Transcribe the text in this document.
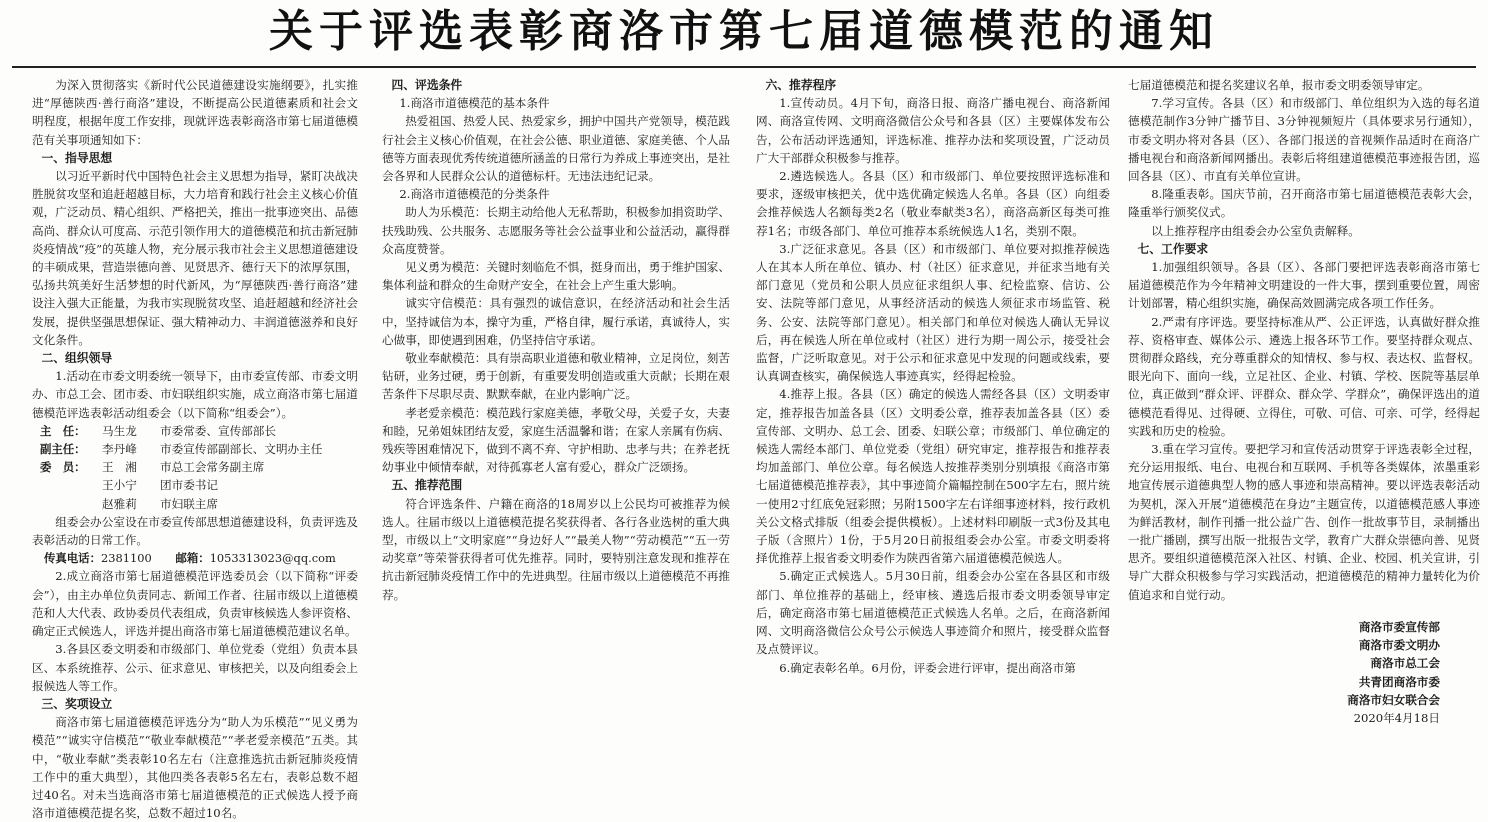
关于评选表彰商洛市第七届道德模范的通知

为深入贯彻落实《新时代公民道德建设实施纲要》，扎实推进“厚德陕西·善行商洛”建设，不断提高公民道德素质和社会文明程度，根据年度工作安排，现就评选表彰商洛市第七届道德模范有关事项通知如下：

一、指导思想

以习近平新时代中国特色社会主义思想为指导，紧盯决战决胜脱贫攻坚和追赶超越目标，大力培育和践行社会主义核心价值观，广泛动员、精心组织、严格把关，推出一批事迹突出、品德高尚、群众认可度高、示范引领作用大的道德模范和抗击新冠肺炎疫情战“疫”的英雄人物，充分展示我市社会主义思想道德建设的丰硕成果，营造崇德向善、见贤思齐、德行天下的浓厚氛围，弘扬共筑美好生活梦想的时代新风，为“厚德陕西·善行商洛”建设注入强大正能量，为我市实现脱贫攻坚、追赶超越和经济社会发展，提供坚强思想保证、强大精神动力、丰润道德滋养和良好文化条件。

二、组织领导

1.活动在市委文明委统一领导下，由市委宣传部、市委文明办、市总工会、团市委、市妇联组织实施，成立商洛市第七届道德模范评选表彰活动组委会（以下简称“组委会”）。

主　任：	马生龙	市委常委、宣传部部长
副主任：	李丹峰	市委宣传部副部长、文明办主任
委　员：	王　湘	市总工会常务副主席
王小宁	团市委书记
赵雅莉	市妇联主席

组委会办公室设在市委宣传部思想道德建设科，负责评选及表彰活动的日常工作。

传真电话：2381100 邮箱：1053313023@qq.com

2.成立商洛市第七届道德模范评选委员会（以下简称“评委会”），由主办单位负责同志、新闻工作者、往届市级以上道德模范和人大代表、政协委员代表组成，负责审核候选人参评资格、确定正式候选人，评选并提出商洛市第七届道德模范建议名单。

3.各县区委文明委和市级部门、单位党委（党组）负责本县区、本系统推荐、公示、征求意见、审核把关，以及向组委会上报候选人等工作。

三、奖项设立

商洛市第七届道德模范评选分为“助人为乐模范”“见义勇为模范”“诚实守信模范”“敬业奉献模范”“孝老爱亲模范”五类。其中，“敬业奉献”类表彰10名左右（注意推选抗击新冠肺炎疫情工作中的重大典型），其他四类各表彰5名左右，表彰总数不超过40名。对未当选商洛市第七届道德模范的正式候选人授予商洛市道德模范提名奖，总数不超过10名。

四、评选条件
1.商洛市道德模范的基本条件

热爱祖国、热爱人民、热爱家乡，拥护中国共产党领导，模范践行社会主义核心价值观，在社会公德、职业道德、家庭美德、个人品德等方面表现优秀传统道德所涵盖的日常行为养成上事迹突出，是社会各界和人民群众公认的道德标杆。无违法违纪记录。

2.商洛市道德模范的分类条件

助人为乐模范：长期主动给他人无私帮助，积极参加捐资助学、扶残助残、公共服务、志愿服务等社会公益事业和公益活动，赢得群众高度赞誉。

见义勇为模范：关键时刻临危不惧，挺身而出，勇于维护国家、集体利益和群众的生命财产安全，在社会上产生重大影响。

诚实守信模范：具有强烈的诚信意识，在经济活动和社会生活中，坚持诚信为本，操守为重，严格自律，履行承诺，真诚待人，实心做事，即使遇到困难，仍坚持信守承诺。

敬业奉献模范：具有崇高职业道德和敬业精神，立足岗位，刻苦钻研，业务过硬，勇于创新，有重要发明创造或重大贡献；长期在艰苦条件下尽职尽责、默默奉献，在业内影响广泛。

孝老爱亲模范：模范践行家庭美德，孝敬父母，关爱子女，夫妻和睦，兄弟姐妹团结友爱，家庭生活温馨和谐；在家人亲属有伤病、残疾等困难情况下，做到不离不弃、守护相助、忠孝与共；在养老抚幼事业中倾情奉献，对待孤寡老人富有爱心，群众广泛颂扬。

五、推荐范围

符合评选条件、户籍在商洛的18周岁以上公民均可被推荐为候选人。往届市级以上道德模范提名奖获得者、各行各业选树的重大典型，市级以上“文明家庭”“身边好人”“最美人物”“劳动模范”“五一劳动奖章”等荣誉获得者可优先推荐。同时，要特别注意发现和推荐在抗击新冠肺炎疫情工作中的先进典型。往届市级以上道德模范不再推荐。

六、推荐程序

1.宣传动员。4月下旬，商洛日报、商洛广播电视台、商洛新闻网、商洛宣传网、文明商洛微信公众号和各县（区）主要媒体发布公告，公布活动评选通知，评选标准、推荐办法和奖项设置，广泛动员广大干部群众积极参与推荐。

2.遴选候选人。各县（区）和市级部门、单位要按照评选标准和要求，逐级审核把关，优中选优确定候选人名单。各县（区）向组委会推荐候选人名额每类2名（敬业奉献类3名），商洛高新区每类可推荐1名；市级各部门、单位可推荐本系统候选人1名，类别不限。

3.广泛征求意见。各县（区）和市级部门、单位要对拟推荐候选人在其本人所在单位、镇办、村（社区）征求意见，并征求当地有关部门意见（党员和公职人员应征求组织人事、纪检监察、信访、公安、法院等部门意见，从事经济活动的候选人须征求市场监管、税务、公安、法院等部门意见）。相关部门和单位对候选人确认无异议后，再在候选人所在单位或村（社区）进行为期一周公示，接受社会监督，广泛听取意见。对于公示和征求意见中发现的问题或线索，要认真调查核实，确保候选人事迹真实，经得起检验。

4.推荐上报。各县（区）确定的候选人需经各县（区）文明委审定，推荐报告加盖各县（区）文明委公章，推荐表加盖各县（区）委宣传部、文明办、总工会、团委、妇联公章；市级部门、单位确定的候选人需经本部门、单位党委（党组）研究审定，推荐报告和推荐表均加盖部门、单位公章。每名候选人按推荐类别分别填报《商洛市第七届道德模范推荐表》，其中事迹简介篇幅控制在500字左右，照片统一使用2寸红底免冠彩照；另附1500字左右详细事迹材料，按行政机关公文格式排版（组委会提供模板）。上述材料印刷版一式3份及其电子版（含照片）1份，于5月20日前报组委会办公室。市委文明委将择优推荐上报省委文明委作为陕西省第六届道德模范候选人。

5.确定正式候选人。5月30日前，组委会办公室在各县区和市级部门、单位推荐的基础上，经审核、遴选后报市委文明委领导审定后，确定商洛市第七届道德模范正式候选人名单。之后，在商洛新闻网、文明商洛微信公众号公示候选人事迹简介和照片，接受群众监督及点赞评议。

6.确定表彰名单。6月份，评委会进行评审，提出商洛市第

七届道德模范和提名奖建议名单，报市委文明委领导审定。

7.学习宣传。各县（区）和市级部门、单位组织为入选的每名道德模范制作3分钟广播节目、3分钟视频短片（具体要求另行通知），市委文明办将对各县（区）、各部门报送的音视频作品适时在商洛广播电视台和商洛新闻网播出。表彰后将组建道德模范事迹报告团，巡回各县（区）、市直有关单位宣讲。

8.隆重表彰。国庆节前，召开商洛市第七届道德模范表彰大会，隆重举行颁奖仪式。

以上推荐程序由组委会办公室负责解释。

七、工作要求

1.加强组织领导。各县（区）、各部门要把评选表彰商洛市第七届道德模范作为今年精神文明建设的一件大事，摆到重要位置，周密计划部署，精心组织实施，确保高效圆满完成各项工作任务。

2.严肃有序评选。要坚持标准从严、公正评选，认真做好群众推荐、资格审查、媒体公示、遴选上报各环节工作。要坚持群众观点、贯彻群众路线，充分尊重群众的知情权、参与权、表达权、监督权。眼光向下、面向一线，立足社区、企业、村镇、学校、医院等基层单位，真正做到“群众评、评群众、群众学、学群众”，确保评选出的道德模范看得见、过得硬、立得住，可敬、可信、可亲、可学，经得起实践和历史的检验。

3.重在学习宣传。要把学习和宣传活动贯穿于评选表彰全过程，充分运用报纸、电台、电视台和互联网、手机等各类媒体，浓墨重彩地宣传展示道德典型人物的感人事迹和崇高精神。要以评选表彰活动为契机，深入开展“道德模范在身边”主题宣传，以道德模范感人事迹为鲜活教材，制作刊播一批公益广告、创作一批故事节目，录制播出一批广播剧，撰写出版一批报告文学，教育广大群众崇德向善、见贤思齐。要组织道德模范深入社区、村镇、企业、校园、机关宣讲，引导广大群众积极参与学习实践活动，把道德模范的精神力量转化为价值追求和自觉行动。

商洛市委宣传部
商洛市委文明办
商洛市总工会
共青团商洛市委
商洛市妇女联合会
2020年4月18日
